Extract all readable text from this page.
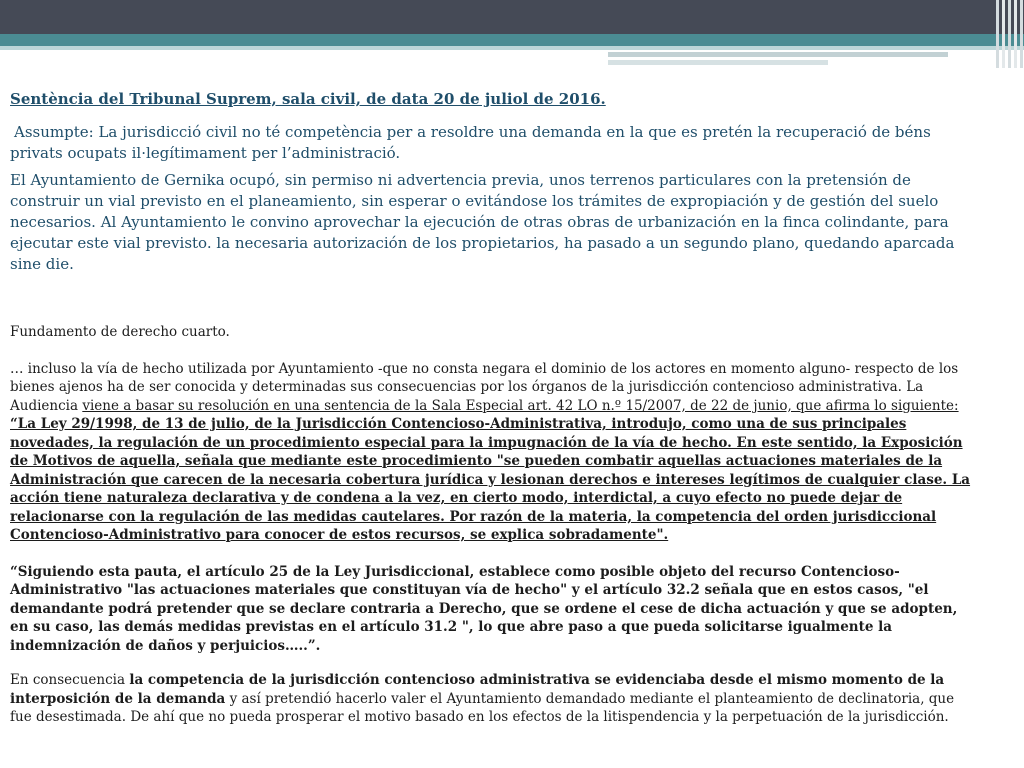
Sentència del Tribunal Suprem, sala civil, de data 20 de juliol de 2016.

Assumpte: La jurisdicció civil no té competència per a resoldre una demanda en la que es pretén la recuperació de béns privats ocupats il·legítimament per l’administració.

El Ayuntamiento de Gernika ocupó, sin permiso ni advertencia previa, unos terrenos particulares con la pretensión de construir un vial previsto en el planeamiento, sin esperar o evitándose los trámites de expropiación y de gestión del suelo necesarios. Al Ayuntamiento le convino aprovechar la ejecución de otras obras de urbanización en la finca colindante, para ejecutar este vial previsto. la necesaria autorización de los propietarios, ha pasado a un segundo plano, quedando aparcada sine die.

Fundamento de derecho cuarto.

… incluso la vía de hecho utilizada por Ayuntamiento -que no consta negara el dominio de los actores en momento alguno- respecto de los bienes ajenos ha de ser conocida y determinadas sus consecuencias por los órganos de la jurisdicción contencioso administrativa. La Audiencia viene a basar su resolución en una sentencia de la Sala Especial art. 42 LO n.º 15/2007, de 22 de junio, que afirma lo siguiente:

“La Ley 29/1998, de 13 de julio, de la Jurisdicción Contencioso-Administrativa, introdujo, como una de sus principales novedades, la regulación de un procedimiento especial para la impugnación de la vía de hecho. En este sentido, la Exposición de Motivos de aquella, señala que mediante este procedimiento "se pueden combatir aquellas actuaciones materiales de la Administración que carecen de la necesaria cobertura jurídica y lesionan derechos e intereses legítimos de cualquier clase. La acción tiene naturaleza declarativa y de condena a la vez, en cierto modo, interdictal, a cuyo efecto no puede dejar de relacionarse con la regulación de las medidas cautelares. Por razón de la materia, la competencia del orden jurisdiccional Contencioso-Administrativo para conocer de estos recursos, se explica sobradamente".

“Siguiendo esta pauta, el artículo 25 de la Ley Jurisdiccional, establece como posible objeto del recurso Contencioso-Administrativo "las actuaciones materiales que constituyan vía de hecho" y el artículo 32.2 señala que en estos casos, "el demandante podrá pretender que se declare contraria a Derecho, que se ordene el cese de dicha actuación y que se adopten, en su caso, las demás medidas previstas en el artículo 31.2 ", lo que abre paso a que pueda solicitarse igualmente la indemnización de daños y perjuicios…..”.

En consecuencia la competencia de la jurisdicción contencioso administrativa se evidenciaba desde el mismo momento de la interposición de la demanda y así pretendió hacerlo valer el Ayuntamiento demandado mediante el planteamiento de declinatoria, que fue desestimada. De ahí que no pueda prosperar el motivo basado en los efectos de la litispendencia y la perpetuación de la jurisdicción.
